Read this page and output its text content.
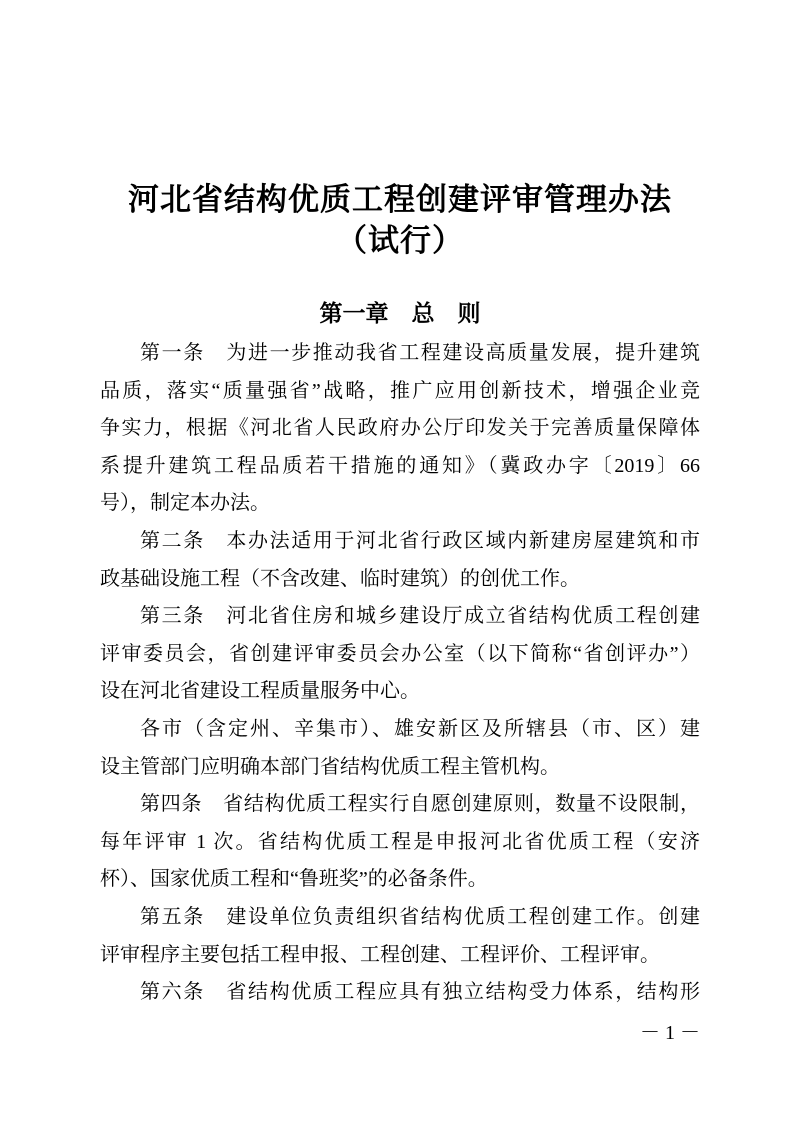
河北省结构优质工程创建评审管理办法
（试行）
第一章　总　则
第一条　为进一步推动我省工程建设高质量发展，提升建筑
品质，落实“质量强省”战略，推广应用创新技术，增强企业竞
争实力，根据《河北省人民政府办公厅印发关于完善质量保障体
系提升建筑工程品质若干措施的通知》（冀政办字〔2019〕66
号），制定本办法。
第二条　本办法适用于河北省行政区域内新建房屋建筑和市
政基础设施工程（不含改建、临时建筑）的创优工作。
第三条　河北省住房和城乡建设厅成立省结构优质工程创建
评审委员会，省创建评审委员会办公室（以下简称“省创评办”）
设在河北省建设工程质量服务中心。
各市（含定州、辛集市）、雄安新区及所辖县（市、区）建
设主管部门应明确本部门省结构优质工程主管机构。
第四条　省结构优质工程实行自愿创建原则，数量不设限制，
每年评审 1 次。省结构优质工程是申报河北省优质工程（安济
杯）、国家优质工程和“鲁班奖”的必备条件。
第五条　建设单位负责组织省结构优质工程创建工作。创建
评审程序主要包括工程申报、工程创建、工程评价、工程评审。
第六条　省结构优质工程应具有独立结构受力体系，结构形
－ 1 －
